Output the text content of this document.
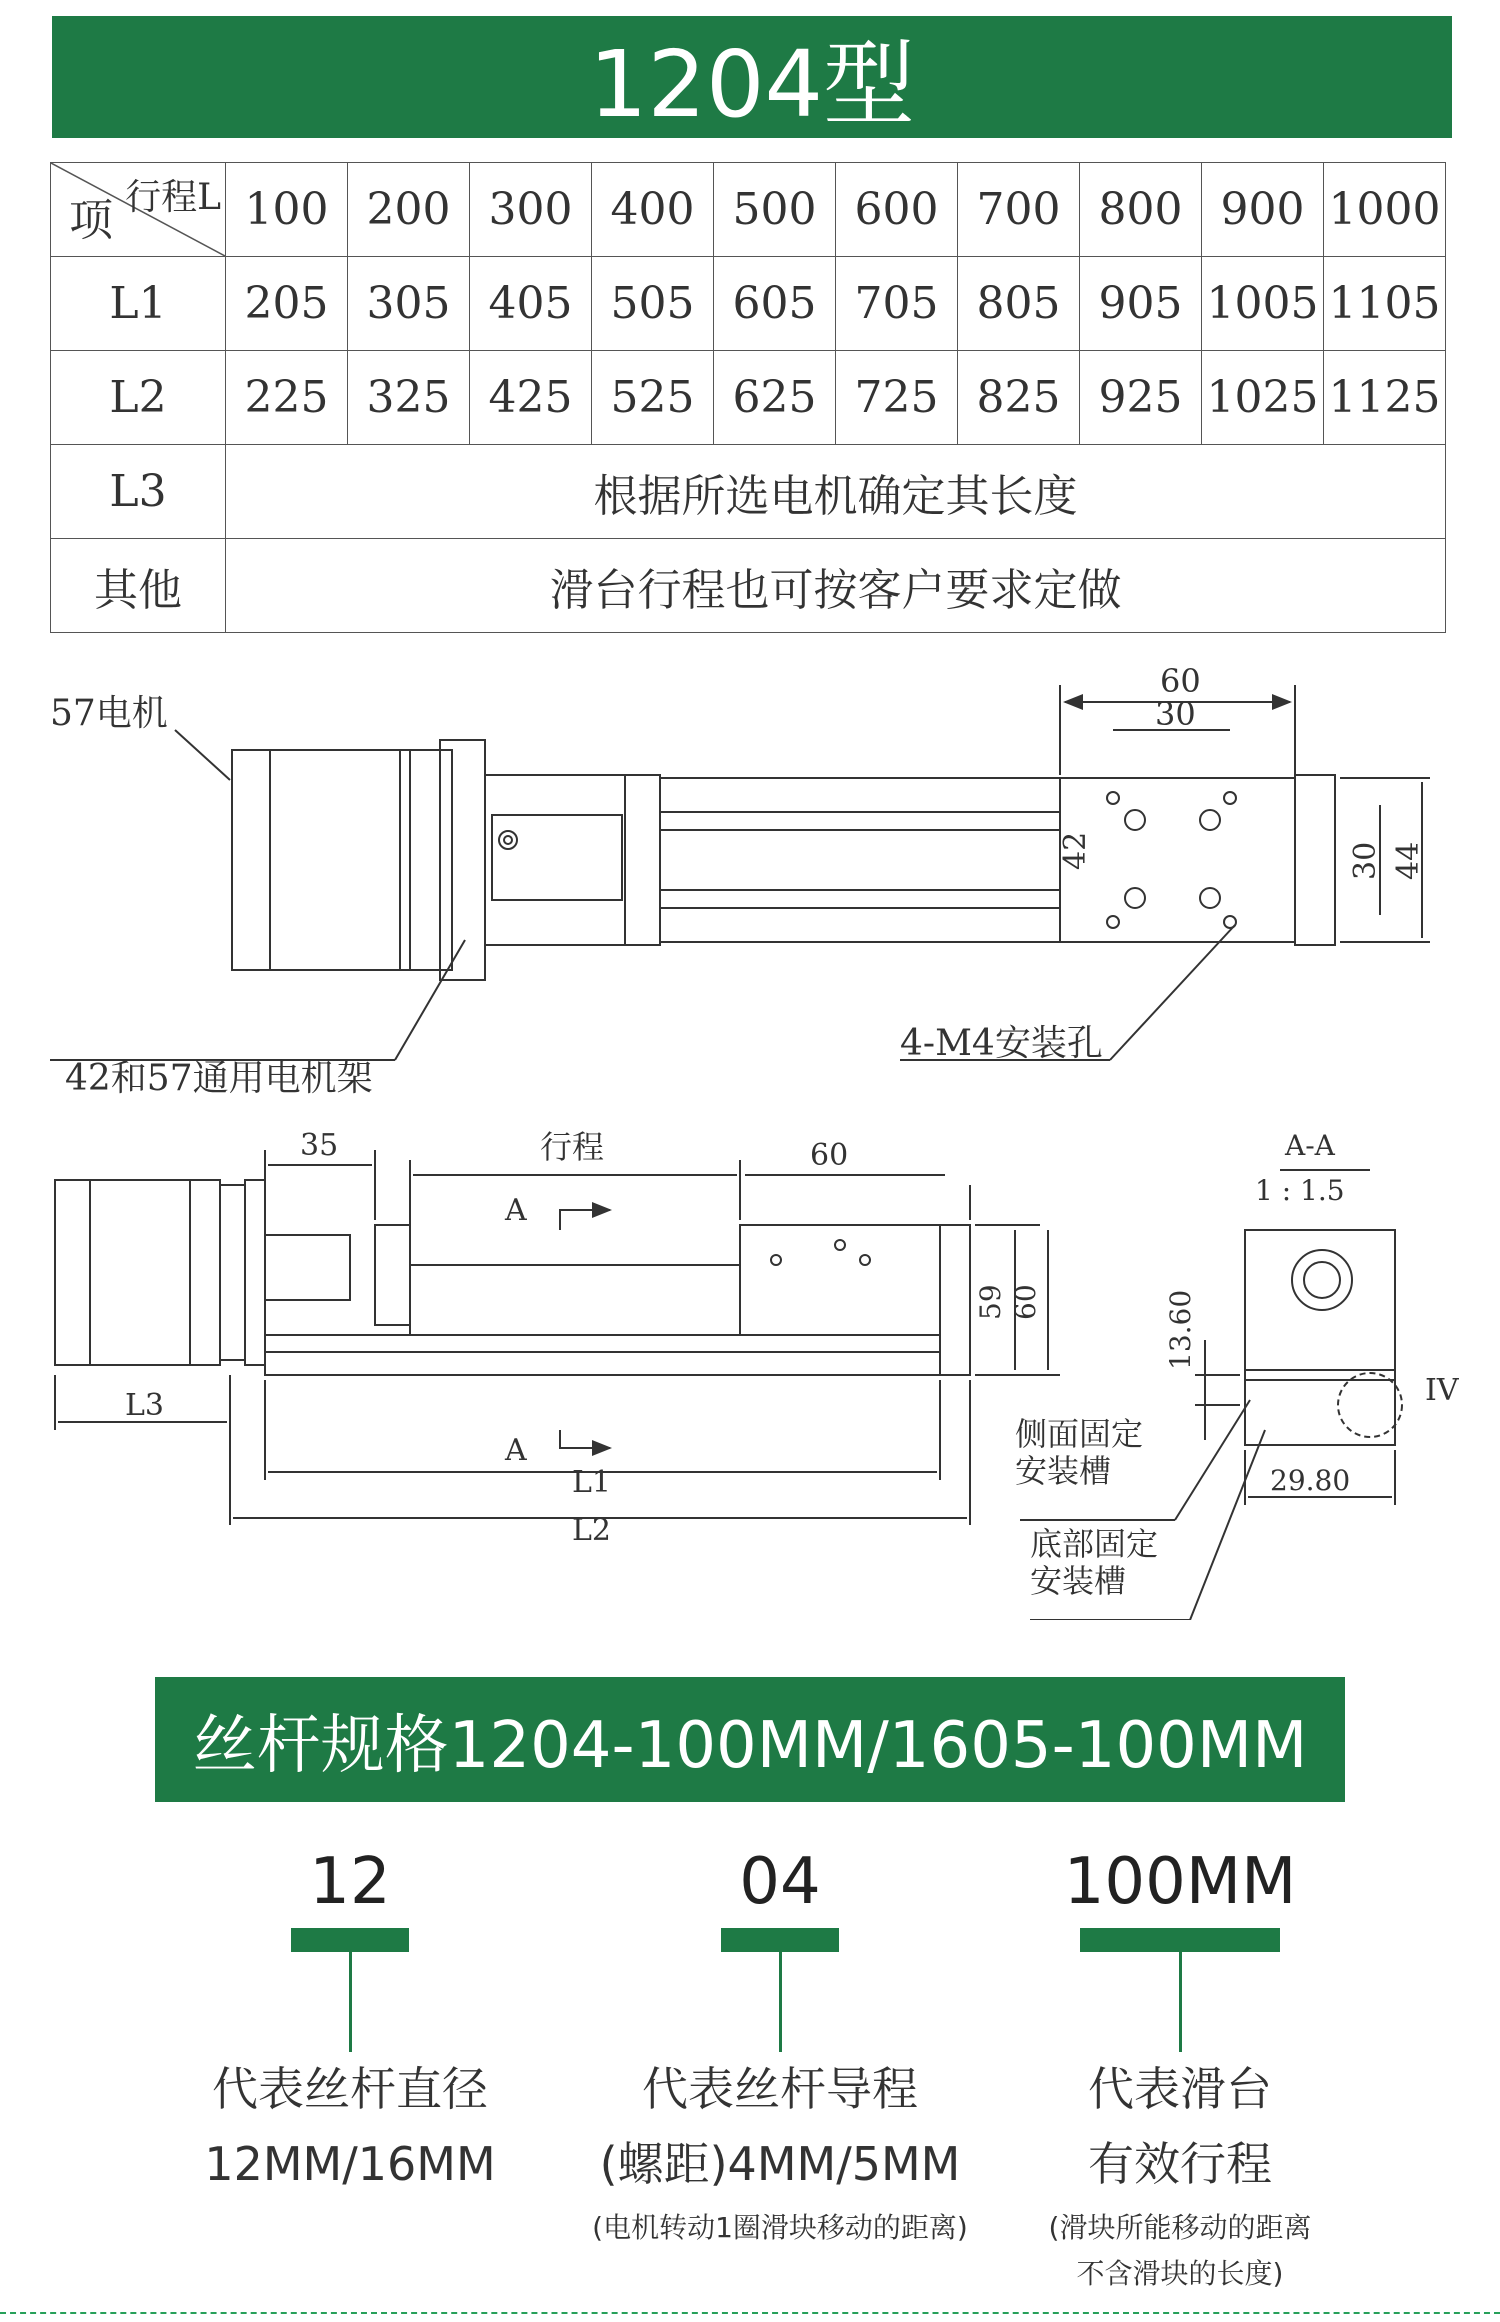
1204型
行程L
项	100	200	300	400	500	600	700	800	900	1000
L1	205	305	405	505	605	705	805	905	1005	1105
L2	225	325	425	525	625	725	825	925	1025	1125
L3	根据所选电机确定其长度									
其他	滑台行程也可按客户要求定做									
57电机
42和57通用电机架
4-M4安装孔
60
30
42	30 44
35	行程	60
A
A
59 60
L3
L1
L2
A-A
1 : 1.5
13.60
29.80
IV
侧面固定
安装槽
底部固定
安装槽
丝杆规格1204-100MM/1605-100MM
12
代表丝杆直径
12MM/16MM
04
代表丝杆导程
(螺距)4MM/5MM
(电机转动1圈滑块移动的距离)
100MM
代表滑台
有效行程
(滑块所能移动的距离
不含滑块的长度)
